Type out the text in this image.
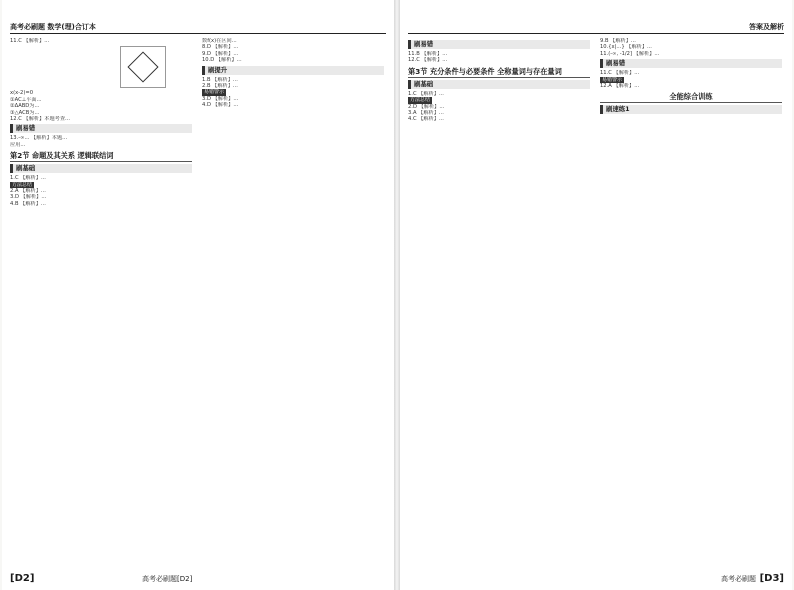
高考必刷题 数学(理)合订本
11.C 【解析】...
x(x-2)=0
①AC⊥平面...
②ΔABD为...
③△ACB为...
12.C 【解析】本题考查...
刷易错
13.-∞... 【解析】本题...
应用...
第2节 命题及其关系 逻辑联结词
刷基础
1.C 【解析】...
方法总结
2.A 【解析】...
3.D 【解析】...
4.B 【解析】...
数f(x)在区间...
8.D 【解析】...
9.D 【解析】...
10.D 【解析】...
刷提升
1.B 【解析】...
2.B 【解析】...
易错警示
3.D 【解析】...
4.D 【解析】...
[D2]	高考必刷题[D2]
答案及解析
刷易错
11.B 【解析】...
12.C 【解析】...
第3节 充分条件与必要条件 全称量词与存在量词
刷基础
1.C 【解析】...
方法总结
2.D 【解析】...
3.A 【解析】...
4.C 【解析】...
9.B 【解析】...
10.{x|...} 【解析】...
11.(-∞, -1/2] 【解析】...
刷易错
11.C 【解析】...
易错警示
12.A 【解析】...
全能综合训练
刷速练1
高考必刷题 [D3]
